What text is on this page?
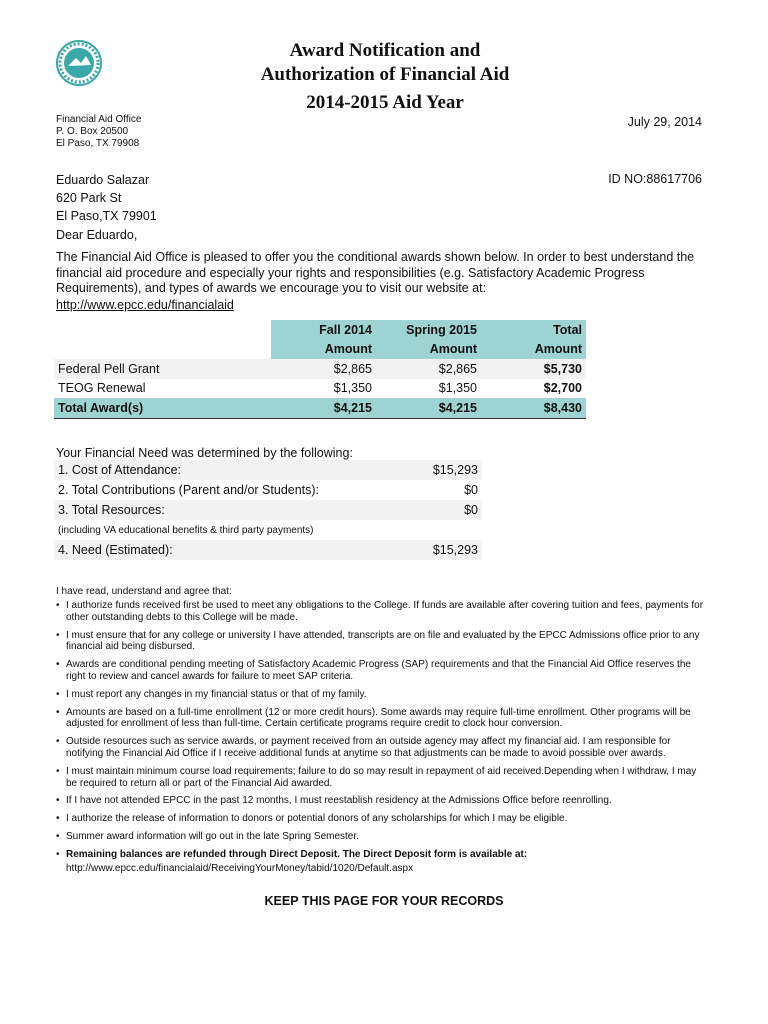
Award Notification and
Authorization of Financial Aid
2014-2015 Aid Year
Financial Aid Office
P. O. Box 20500
El Paso, TX 79908
July 29, 2014
Eduardo Salazar
620 Park St
El Paso,TX 79901
ID NO:88617706
Dear Eduardo,
The Financial Aid Office is pleased to offer you the conditional awards shown below. In order to best understand the financial aid procedure and especially your rights and responsibilities (e.g. Satisfactory Academic Progress Requirements), and types of awards we encourage you to visit our website at:
http://www.epcc.edu/financialaid
	Fall 2014	Spring 2015	Total
	Amount	Amount	Amount
Federal Pell Grant	$2,865	$2,865	$5,730
TEOG Renewal	$1,350	$1,350	$2,700
Total Award(s)	$4,215	$4,215	$8,430
Your Financial Need was determined by the following:
1. Cost of Attendance:	$15,293
2. Total Contributions (Parent and/or Students):	$0
3. Total Resources:	$0
(including VA educational benefits & third party payments)	
4. Need (Estimated):	$15,293
I have read, understand and agree that:
• I authorize funds received first be used to meet any obligations to the College. If funds are available after covering tuition and fees, payments for other outstanding debts to this College will be made.
• I must ensure that for any college or university I have attended, transcripts are on file and evaluated by the EPCC Admissions office prior to any financial aid being disbursed.
• Awards are conditional pending meeting of Satisfactory Academic Progress (SAP) requirements and that the Financial Aid Office reserves the right to review and cancel awards for failure to meet SAP criteria.
• I must report any changes in my financial status or that of my family.
• Amounts are based on a full-time enrollment (12 or more credit hours). Some awards may require full-time enrollment. Other programs will be adjusted for enrollment of less than full-time. Certain certificate programs require credit to clock hour conversion.
• Outside resources such as service awards, or payment received from an outside agency may affect my financial aid. I am responsible for notifying the Financial Aid Office if I receive additional funds at anytime so that adjustments can be made to avoid possible over awards.
• I must maintain minimum course load requirements; failure to do so may result in repayment of aid received.Depending when I withdraw, I may be required to return all or part of the Financial Aid awarded.
• If I have not attended EPCC in the past 12 months, I must reestablish residency at the Admissions Office before reenrolling.
• I authorize the release of information to donors or potential donors of any scholarships for which I may be eligible.
• Summer award information will go out in the late Spring Semester.
• Remaining balances are refunded through Direct Deposit. The Direct Deposit form is available at:
http://www.epcc.edu/financialaid/ReceivingYourMoney/tabid/1020/Default.aspx
KEEP THIS PAGE FOR YOUR RECORDS
